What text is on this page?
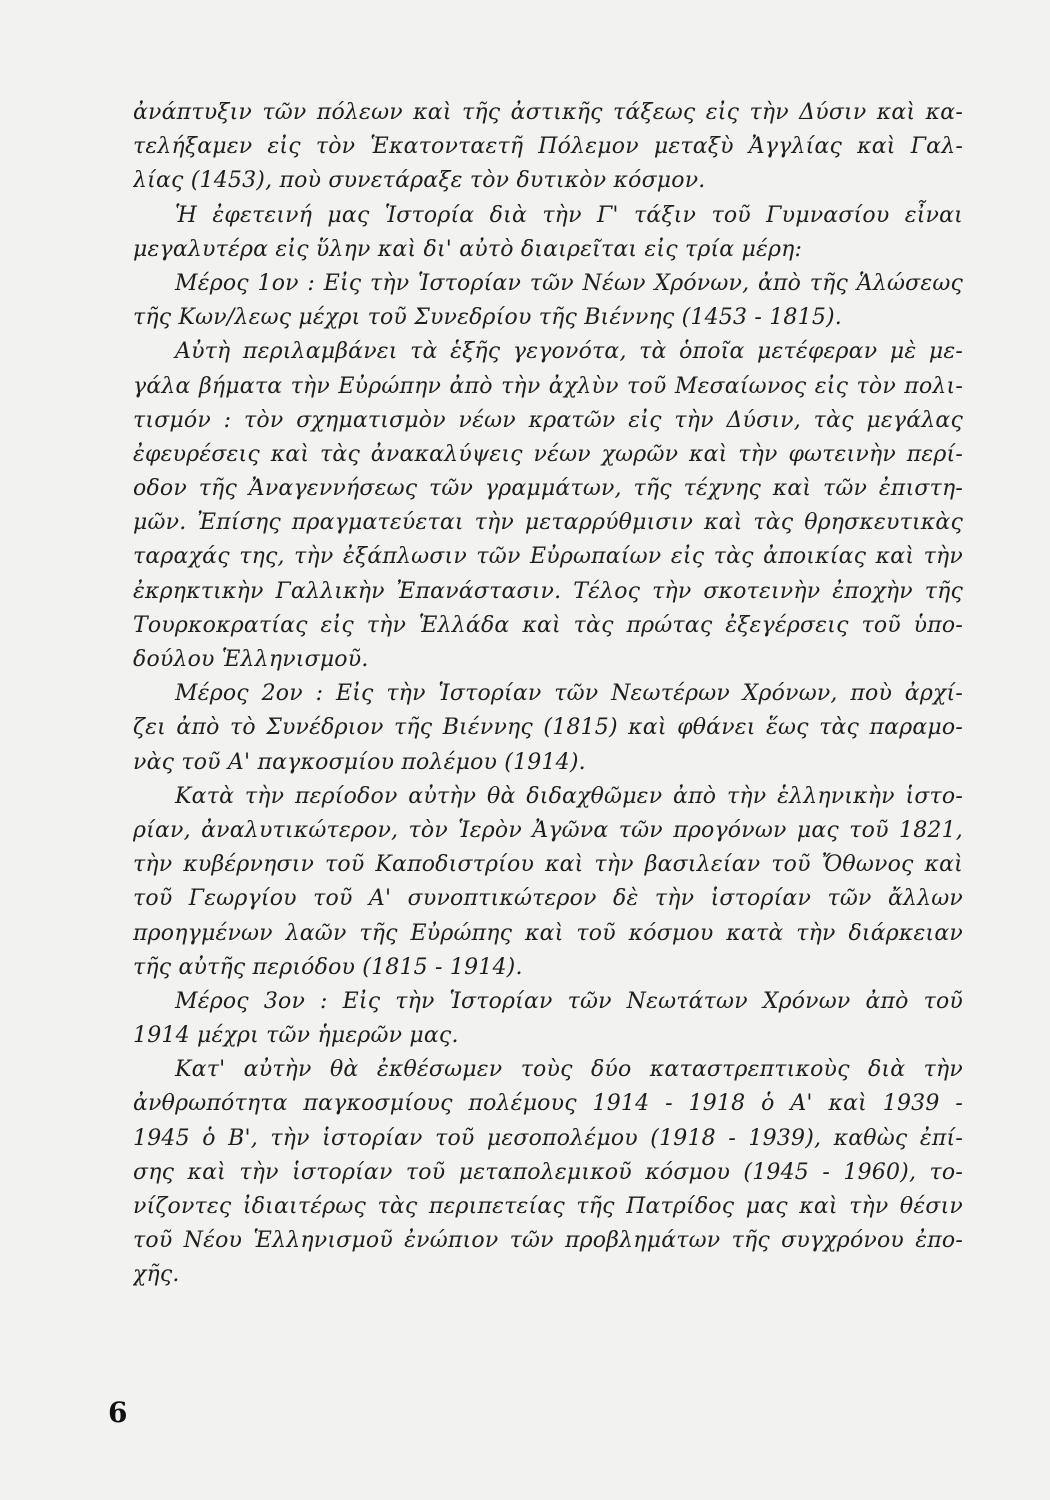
ἀνάπτυξιν τῶν πόλεων καὶ τῆς ἀστικῆς τάξεως εἰς τὴν Δύσιν καὶ κα-
τελήξαμεν εἰς τὸν Ἑκατονταετῆ Πόλεμον μεταξὺ Ἀγγλίας καὶ Γαλ-
λίας (1453), ποὺ συνετάραξε τὸν δυτικὸν κόσμον.
Ἡ ἐφετεινή μας Ἱστορία διὰ τὴν Γ' τάξιν τοῦ Γυμνασίου εἶναι
μεγαλυτέρα εἰς ὕλην καὶ δι' αὐτὸ διαιρεῖται εἰς τρία μέρη:
Μέρος 1ον : Εἰς τὴν Ἱστορίαν τῶν Νέων Χρόνων, ἀπὸ τῆς Ἁλώσεως
τῆς Κων/λεως μέχρι τοῦ Συνεδρίου τῆς Βιέννης (1453 - 1815).
Αὐτὴ περιλαμβάνει τὰ ἑξῆς γεγονότα, τὰ ὁποῖα μετέφεραν μὲ με-
γάλα βήματα τὴν Εὐρώπην ἀπὸ τὴν ἀχλὺν τοῦ Μεσαίωνος εἰς τὸν πολι-
τισμόν : τὸν σχηματισμὸν νέων κρατῶν εἰς τὴν Δύσιν, τὰς μεγάλας
ἐφευρέσεις καὶ τὰς ἀνακαλύψεις νέων χωρῶν καὶ τὴν φωτεινὴν περί-
οδον τῆς Ἀναγεννήσεως τῶν γραμμάτων, τῆς τέχνης καὶ τῶν ἐπιστη-
μῶν. Ἐπίσης πραγματεύεται τὴν μεταρρύθμισιν καὶ τὰς θρησκευτικὰς
ταραχάς της, τὴν ἐξάπλωσιν τῶν Εὐρωπαίων εἰς τὰς ἀποικίας καὶ τὴν
ἐκρηκτικὴν Γαλλικὴν Ἐπανάστασιν. Τέλος τὴν σκοτεινὴν ἐποχὴν τῆς
Τουρκοκρατίας εἰς τὴν Ἑλλάδα καὶ τὰς πρώτας ἐξεγέρσεις τοῦ ὑπο-
δούλου Ἑλληνισμοῦ.
Μέρος 2ον : Εἰς τὴν Ἱστορίαν τῶν Νεωτέρων Χρόνων, ποὺ ἀρχί-
ζει ἀπὸ τὸ Συνέδριον τῆς Βιέννης (1815) καὶ φθάνει ἕως τὰς παραμο-
νὰς τοῦ Α' παγκοσμίου πολέμου (1914).
Κατὰ τὴν περίοδον αὐτὴν θὰ διδαχθῶμεν ἀπὸ τὴν ἑλληνικὴν ἱστο-
ρίαν, ἀναλυτικώτερον, τὸν Ἱερὸν Ἀγῶνα τῶν προγόνων μας τοῦ 1821,
τὴν κυβέρνησιν τοῦ Καποδιστρίου καὶ τὴν βασιλείαν τοῦ Ὄθωνος καὶ
τοῦ Γεωργίου τοῦ Α' συνοπτικώτερον δὲ τὴν ἱστορίαν τῶν ἄλλων
προηγμένων λαῶν τῆς Εὐρώπης καὶ τοῦ κόσμου κατὰ τὴν διάρκειαν
τῆς αὐτῆς περιόδου (1815 - 1914).
Μέρος 3ον : Εἰς τὴν Ἱστορίαν τῶν Νεωτάτων Χρόνων ἀπὸ τοῦ
1914 μέχρι τῶν ἡμερῶν μας.
Κατ' αὐτὴν θὰ ἐκθέσωμεν τοὺς δύο καταστρεπτικοὺς διὰ τὴν
ἀνθρωπότητα παγκοσμίους πολέμους 1914 - 1918 ὁ Α' καὶ 1939 -
1945 ὁ Β', τὴν ἱστορίαν τοῦ μεσοπολέμου (1918 - 1939), καθὼς ἐπί-
σης καὶ τὴν ἱστορίαν τοῦ μεταπολεμικοῦ κόσμου (1945 - 1960), το-
νίζοντες ἰδιαιτέρως τὰς περιπετείας τῆς Πατρίδος μας καὶ τὴν θέσιν
τοῦ Νέου Ἑλληνισμοῦ ἐνώπιον τῶν προβλημάτων τῆς συγχρόνου ἐπο-
χῆς.
6
